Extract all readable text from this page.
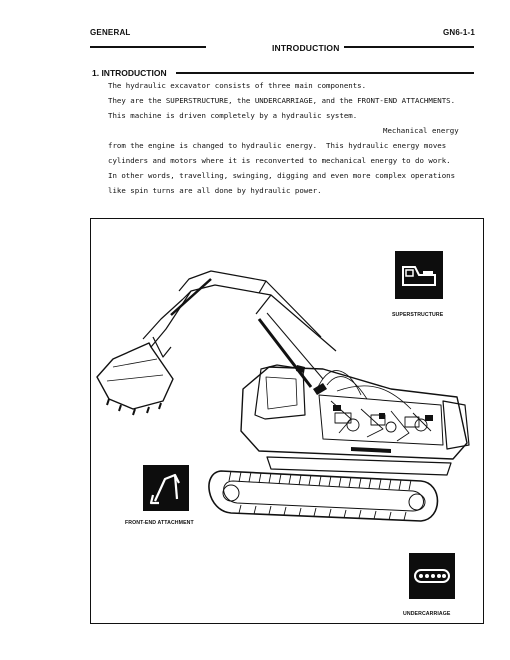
GENERAL	GN6-1-1
INTRODUCTION
1. INTRODUCTION
The hydraulic excavator consists of three main components.
They are the SUPERSTRUCTURE, the UNDERCARRIAGE, and the FRONT-END ATTACHMENTS.
This machine is driven completely by a hydraulic system.
Mechanical energy
from the engine is changed to hydraulic energy.  This hydraulic energy moves
cylinders and motors where it is reconverted to mechanical energy to do work.
In other words, travelling, swinging, digging and even more complex operations
like spin turns are all done by hydraulic power.
SUPERSTRUCTURE
FRONT-END ATTACHMENT
UNDERCARRIAGE
